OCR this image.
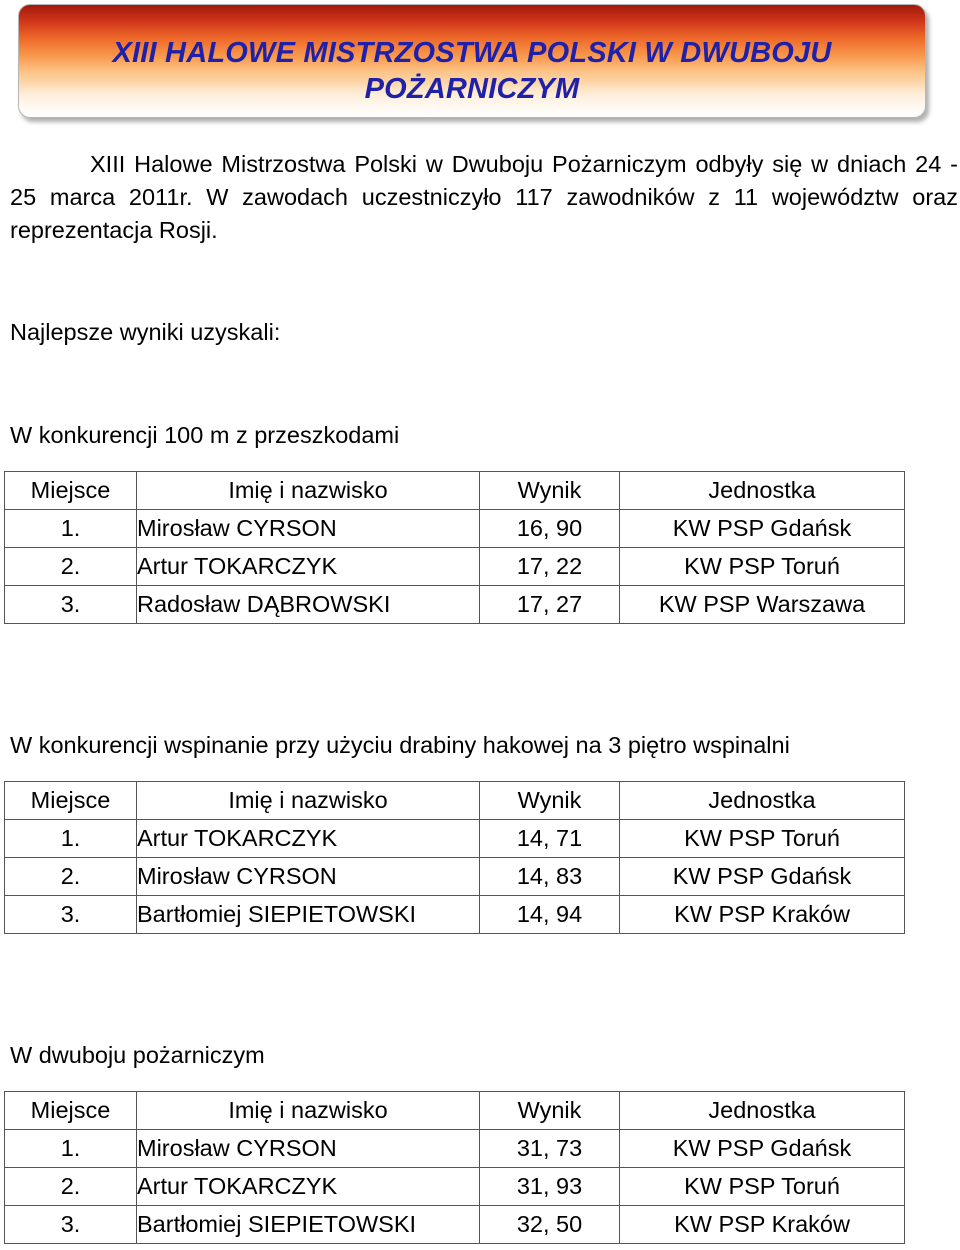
XIII HALOWE MISTRZOSTWA POLSKI W DWUBOJU
POŻARNICZYM

XIII Halowe Mistrzostwa Polski w Dwuboju Pożarniczym odbyły się w dniach 24 - 25 marca 2011r. W zawodach uczestniczyło 117 zawodników z 11 województw oraz reprezentacja Rosji.

Najlepsze wyniki uzyskali:
W konkurencji 100 m z przeszkodami
Miejsce	Imię i nazwisko	Wynik	Jednostka
1.	Mirosław CYRSON	16, 90	KW PSP Gdańsk
2.	Artur TOKARCZYK	17, 22	KW PSP Toruń
3.	Radosław DĄBROWSKI	17, 27	KW PSP Warszawa
W konkurencji wspinanie przy użyciu drabiny hakowej na 3 piętro wspinalni
Miejsce	Imię i nazwisko	Wynik	Jednostka
1.	Artur TOKARCZYK	14, 71	KW PSP Toruń
2.	Mirosław CYRSON	14, 83	KW PSP Gdańsk
3.	Bartłomiej SIEPIETOWSKI	14, 94	KW PSP Kraków
W dwuboju pożarniczym
Miejsce	Imię i nazwisko	Wynik	Jednostka
1.	Mirosław CYRSON	31, 73	KW PSP Gdańsk
2.	Artur TOKARCZYK	31, 93	KW PSP Toruń
3.	Bartłomiej SIEPIETOWSKI	32, 50	KW PSP Kraków
